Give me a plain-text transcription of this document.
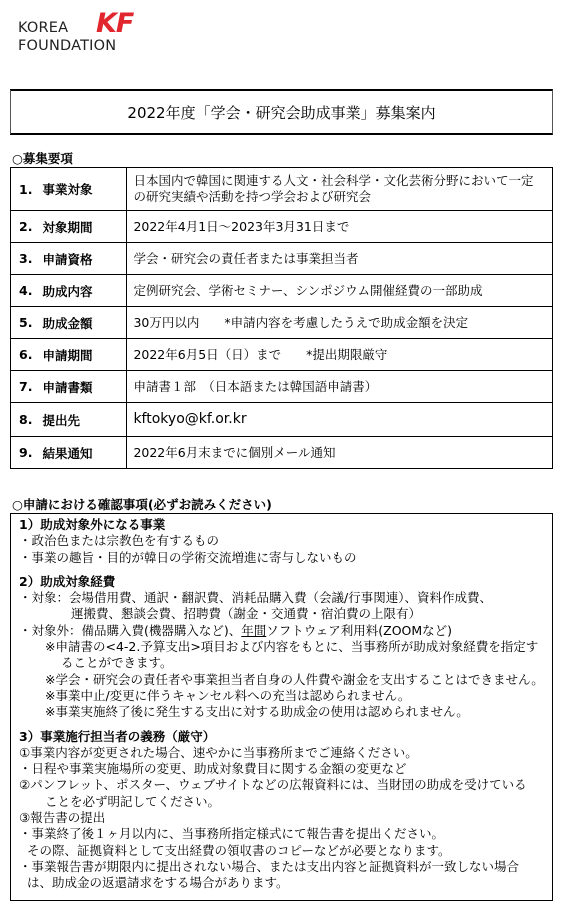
KOREA KF
FOUNDATION
2022年度「学会・研究会助成事業」募集案内
○募集要項
1.	事業対象	日本国内で韓国に関連する人文・社会科学・文化芸術分野において一定
の研究実績や活動を持つ学会および研究会

2.	対象期間	2022年4月1日～2023年3月31日まで
3.	申請資格	学会・研究会の責任者または事業担当者
4.	助成内容	定例研究会、学術セミナー、シンポジウム開催経費の一部助成
5.	助成金額	30万円以内　　*申請内容を考慮したうえで助成金額を決定
6.	申請期間	2022年6月5日（日）まで　　*提出期限厳守
7.	申請書類	申請書１部　（日本語または韓国語申請書）
8.	提出先	kftokyo@kf.or.kr
9.	結果通知	2022年6月末までに個別メール通知
○申請における確認事項(必ずお読みください)
1）助成対象外になる事業
・政治色または宗教色を有するもの
・事業の趣旨・目的が韓日の学術交流増進に寄与しないもの
2）助成対象経費
・対象：会場借用費、通訳・翻訳費、消耗品購入費（会議/行事関連）、資料作成費、
運搬費、懇談会費、招聘費（謝金・交通費・宿泊費の上限有）
・対象外：備品購入費(機器購入など)、年間ソフトウェア利用料(ZOOMなど)
※申請書の<4-2.予算支出>項目および内容をもとに、当事務所が助成対象経費を指定す
ることができます。
※学会・研究会の責任者や事業担当者自身の人件費や謝金を支出することはできません。
※事業中止/変更に伴うキャンセル料への充当は認められません。
※事業実施終了後に発生する支出に対する助成金の使用は認められません。
3）事業施行担当者の義務（厳守）
①事業内容が変更された場合、速やかに当事務所までご連絡ください。
・日程や事業実施場所の変更、助成対象費目に関する金額の変更など
②パンフレット、ポスター、ウェブサイトなどの広報資料には、当財団の助成を受けている
ことを必ず明記してください。
③報告書の提出
・事業終了後１ヶ月以内に、当事務所指定様式にて報告書を提出ください。
その際、証拠資料として支出経費の領収書のコピーなどが必要となります。
・事業報告書が期限内に提出されない場合、または支出内容と証拠資料が一致しない場合
は、助成金の返還請求をする場合があります。
